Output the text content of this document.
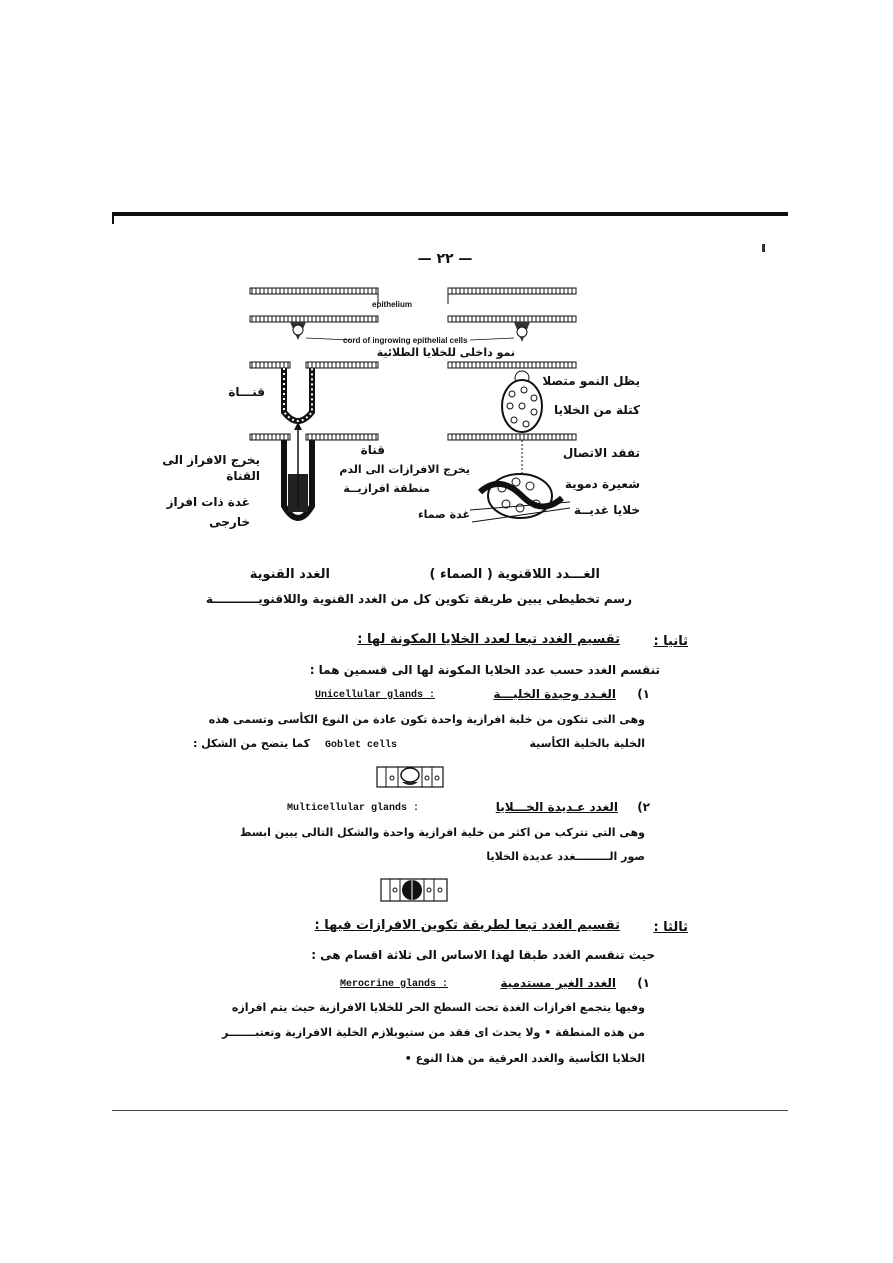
— ٢٢ —
epithelium
cord of ingrowing epithelial cells
نمو داخلى للخلايا الطلائية
قنـــاة
يظل النمو متصلا
كتلة من الخلايا
يخرج الافراز الى القناة
قناة
يخرج الافرازات الى الدم
منطقة افرازيــة
غدة ذات افراز خارجى
غدة صماء
تفقد الاتصال
شعيرة دموية
خلايا غديــة
الغـــدد اللاقنوية ( الصماء )
الغدد القنوية
رسم تخطيطى يبين طريقة تكوين كل من الغدد القنوية واللاقنويـــــــــــة
ثانيا :
تقسيم الغدد تبعا لعدد الخلايا المكونة لها :
تنقسم الغدد حسب عدد الخلايا المكونة لها الى قسمين هما :
١)
الغـدد وحيدة الخليـــة
Unicellular glands :
وهى التى تتكون من خلية افرازية واحدة تكون عادة من النوع الكأسى وتسمى هذه
الخلية بالخلية الكأسية
Goblet cells
كما يتضح من الشكل :
٢)
الغدد عـديدة الخـــلايا
Multicellular glands :
وهى التى تتركب من اكثر من خلية افرازية واحدة والشكل التالى يبين ابسط
صور الـــــــــغدد عديدة الخلايا
ثالثا :
تقسيم الغدد تبعا لطريقة تكوين الافرازات فيها :
حيث تنقسم الغدد طبقا لهذا الاساس الى ثلاثة اقسام هى :
١)
الغدد الغير مستدمية
Merocrine glands :
وفيها يتجمع افرازات الغدة تحت السطح الحر للخلايا الافرازية حيث يتم افرازه
من هذه المنطقة • ولا يحدث اى فقد من ستيوبلازم الخلية الافرازية وتعتبـــــــر
الخلايا الكأسية والغدد العرقية من هذا النوع •
